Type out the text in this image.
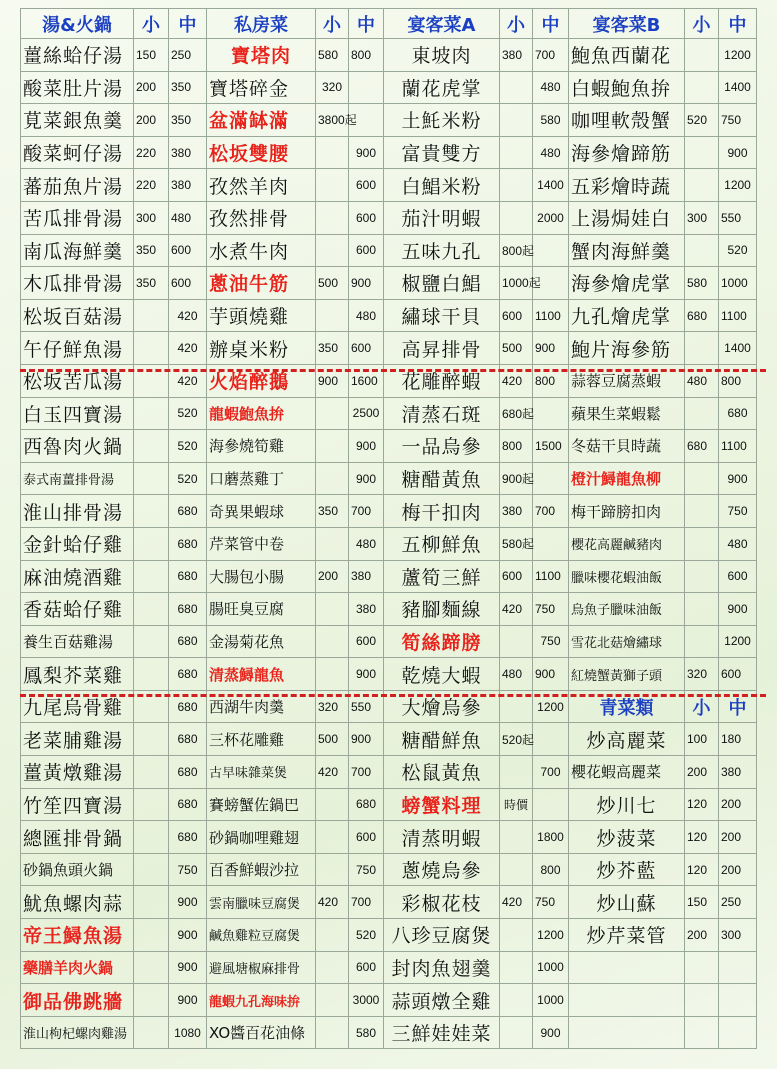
湯&火鍋	小	中	私房菜	小	中	宴客菜A	小	中	宴客菜B	小	中
薑絲蛤仔湯	150	250	寶塔肉	580	800	東坡肉	380	700	鮑魚西蘭花		1200
酸菜肚片湯	200	350	寶塔碎金	320		蘭花虎掌		480	白蝦鮑魚拚		1400
莧菜銀魚羹	200	350	盆滿缽滿	3800起		土魠米粉		580	咖哩軟殼蟹	520	750
酸菜蚵仔湯	220	380	松坂雙腰		900	富貴雙方		480	海參燴蹄筋		900
蕃茄魚片湯	220	380	孜然羊肉		600	白鯧米粉		1400	五彩燴時蔬		1200
苦瓜排骨湯	300	480	孜然排骨		600	茄汁明蝦		2000	上湯焗娃白	300	550
南瓜海鮮羹	350	600	水煮牛肉		600	五味九孔	800起		蟹肉海鮮羹		520
木瓜排骨湯	350	600	蔥油牛筋	500	900	椒鹽白鯧	1000起		海參燴虎掌	580	1000
松坂百菇湯		420	芋頭燒雞		480	繡球干貝	600	1100	九孔燴虎掌	680	1100
午仔鮮魚湯		420	辦桌米粉	350	600	高昇排骨	500	900	鮑片海參筋		1400
松坂苦瓜湯		420	火焰醉鵝	900	1600	花雕醉蝦	420	800	蒜蓉豆腐蒸蝦	480	800
白玉四寶湯		520	龍蝦鮑魚拚		2500	清蒸石斑	680起		蘋果生菜蝦鬆		680
西魯肉火鍋		520	海參燒筍雞		900	一品烏參	800	1500	冬菇干貝時蔬	680	1100
泰式南薑排骨湯		520	口蘑蒸雞丁		900	糖醋黃魚	900起		橙汁鱘龍魚柳		900
淮山排骨湯		680	奇異果蝦球	350	700	梅干扣肉	380	700	梅干蹄膀扣肉		750
金針蛤仔雞		680	芹菜管中卷		480	五柳鮮魚	580起		櫻花高麗鹹豬肉		480
麻油燒酒雞		680	大腸包小腸	200	380	蘆筍三鮮	600	1100	臘味櫻花蝦油飯		600
香菇蛤仔雞		680	腸旺臭豆腐		380	豬腳麵線	420	750	烏魚子臘味油飯		900
養生百菇雞湯		680	金湯菊花魚		600	筍絲蹄膀		750	雪花北菇燴繡球		1200
鳳梨芥菜雞		680	清蒸鱘龍魚		900	乾燒大蝦	480	900	紅燒蟹黃獅子頭	320	600
九尾烏骨雞		680	西湖牛肉羹	320	550	大燴烏參		1200	青菜類	小	中
老菜脯雞湯		680	三杯花雕雞	500	900	糖醋鮮魚	520起		炒高麗菜	100	180
薑黃燉雞湯		680	古早味雜菜煲	420	700	松鼠黃魚		700	櫻花蝦高麗菜	200	380
竹笙四寶湯		680	賽螃蟹佐鍋巴		680	螃蟹料理	時價		炒川七	120	200
總匯排骨鍋		680	砂鍋咖哩雞翅		600	清蒸明蝦		1800	炒菠菜	120	200
砂鍋魚頭火鍋		750	百香鮮蝦沙拉		750	蔥燒烏參		800	炒芥藍	120	200
魷魚螺肉蒜		900	雲南臘味豆腐煲	420	700	彩椒花枝	420	750	炒山蘇	150	250
帝王鱘魚湯		900	鹹魚雞粒豆腐煲		520	八珍豆腐煲		1200	炒芹菜管	200	300
藥膳羊肉火鍋		900	避風塘椒麻排骨		600	封肉魚翅羹		1000			
御品佛跳牆		900	龍蝦九孔海味拚		3000	蒜頭燉全雞		1000			
淮山枸杞螺肉雞湯		1080	XO醬百花油條		580	三鮮娃娃菜		900			
